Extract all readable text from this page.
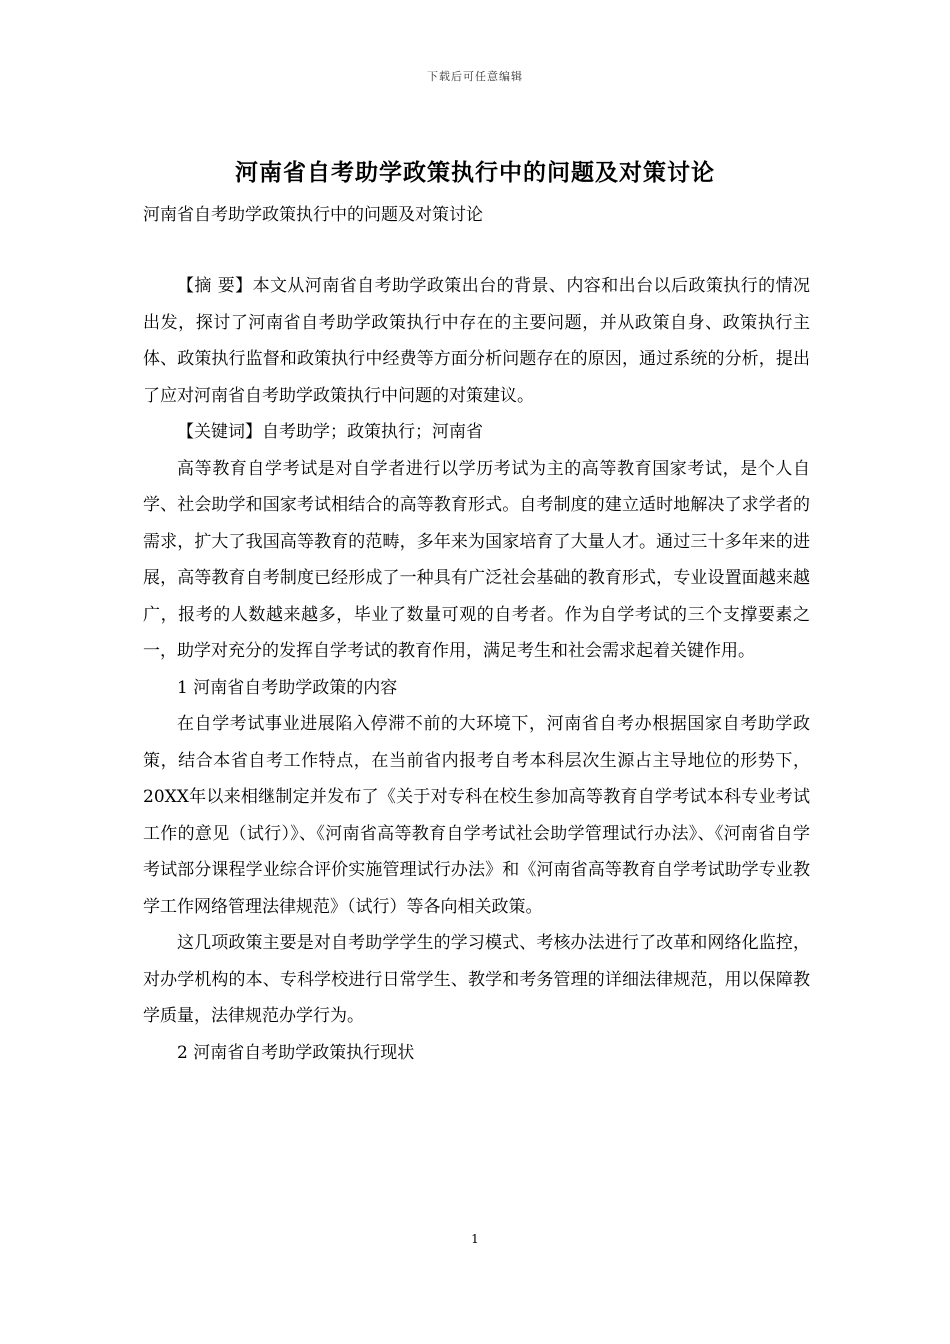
下载后可任意编辑
河南省自考助学政策执行中的问题及对策讨论

河南省自考助学政策执行中的问题及对策讨论

【摘 要】本文从河南省自考助学政策出台的背景、内容和出台以后政策执行的情况出发，探讨了河南省自考助学政策执行中存在的主要问题，并从政策自身、政策执行主体、政策执行监督和政策执行中经费等方面分析问题存在的原因，通过系统的分析，提出了应对河南省自考助学政策执行中问题的对策建议。

【关键词】自考助学；政策执行；河南省

高等教育自学考试是对自学者进行以学历考试为主的高等教育国家考试，是个人自学、社会助学和国家考试相结合的高等教育形式。自考制度的建立适时地解决了求学者的需求，扩大了我国高等教育的范畴，多年来为国家培育了大量人才。通过三十多年来的进展，高等教育自考制度已经形成了一种具有广泛社会基础的教育形式，专业设置面越来越广，报考的人数越来越多，毕业了数量可观的自考者。作为自学考试的三个支撑要素之一，助学对充分的发挥自学考试的教育作用，满足考生和社会需求起着关键作用。

1 河南省自考助学政策的内容

在自学考试事业进展陷入停滞不前的大环境下，河南省自考办根据国家自考助学政策，结合本省自考工作特点，在当前省内报考自考本科层次生源占主导地位的形势下，20XX年以来相继制定并发布了《关于对专科在校生参加高等教育自学考试本科专业考试工作的意见（试行）》、《河南省高等教育自学考试社会助学管理试行办法》、《河南省自学考试部分课程学业综合评价实施管理试行办法》和《河南省高等教育自学考试助学专业教学工作网络管理法律规范》（试行）等各向相关政策。

这几项政策主要是对自考助学学生的学习模式、考核办法进行了改革和网络化监控，对办学机构的本、专科学校进行日常学生、教学和考务管理的详细法律规范，用以保障教学质量，法律规范办学行为。

2 河南省自考助学政策执行现状

1
